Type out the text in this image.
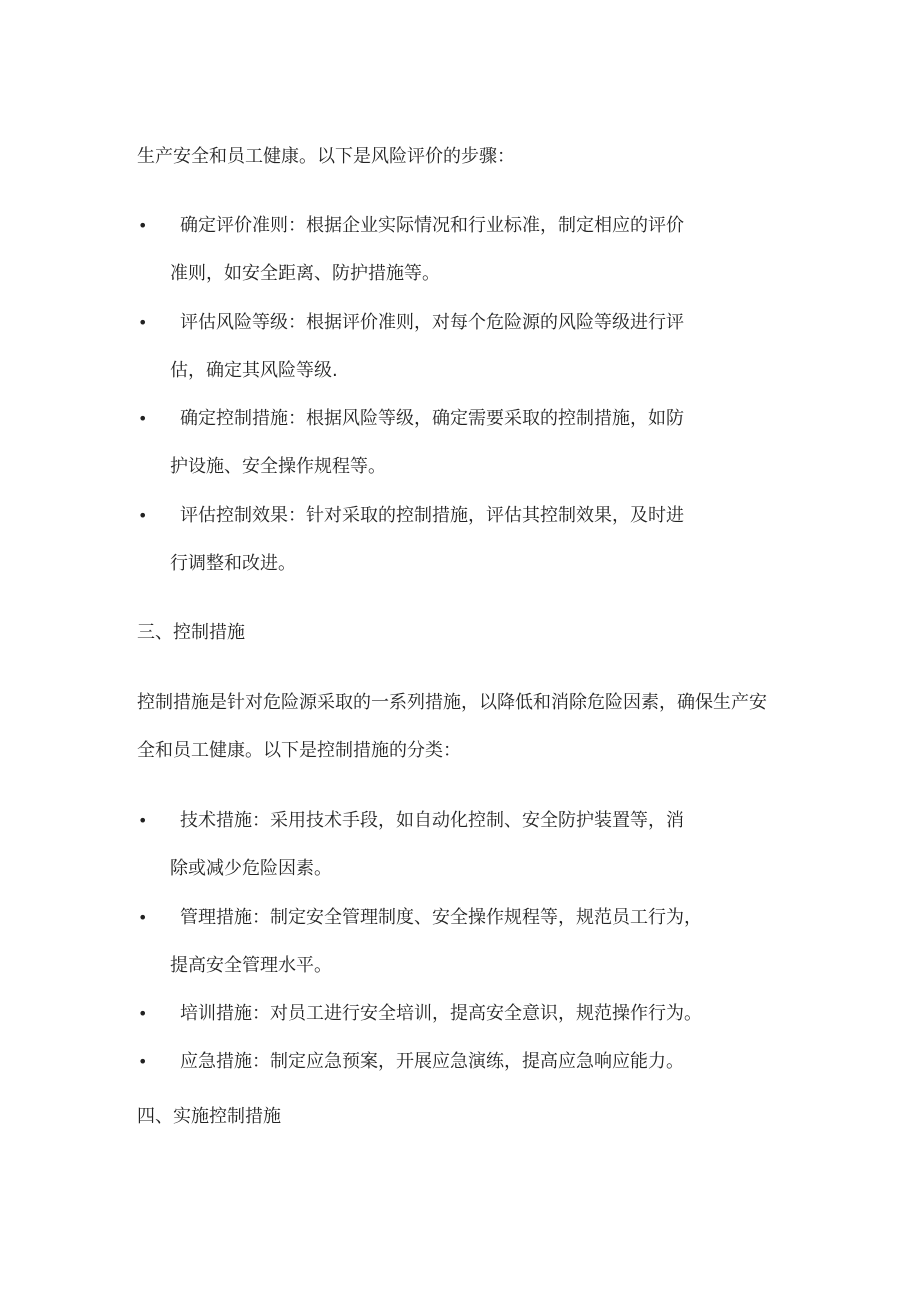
生产安全和员工健康。以下是风险评价的步骤：
• 确定评价准则：根据企业实际情况和行业标准，制定相应的评价
准则，如安全距离、防护措施等。
• 评估风险等级：根据评价准则，对每个危险源的风险等级进行评
估，确定其风险等级.
• 确定控制措施：根据风险等级，确定需要采取的控制措施，如防
护设施、安全操作规程等。
• 评估控制效果：针对采取的控制措施，评估其控制效果，及时进
行调整和改进。
三、控制措施
控制措施是针对危险源采取的一系列措施，以降低和消除危险因素，确保生产安
全和员工健康。以下是控制措施的分类：
• 技术措施：采用技术手段，如自动化控制、安全防护装置等，消
除或减少危险因素。
• 管理措施：制定安全管理制度、安全操作规程等，规范员工行为，
提高安全管理水平。
• 培训措施：对员工进行安全培训，提高安全意识，规范操作行为。
• 应急措施：制定应急预案，开展应急演练，提高应急响应能力。
四、实施控制措施
